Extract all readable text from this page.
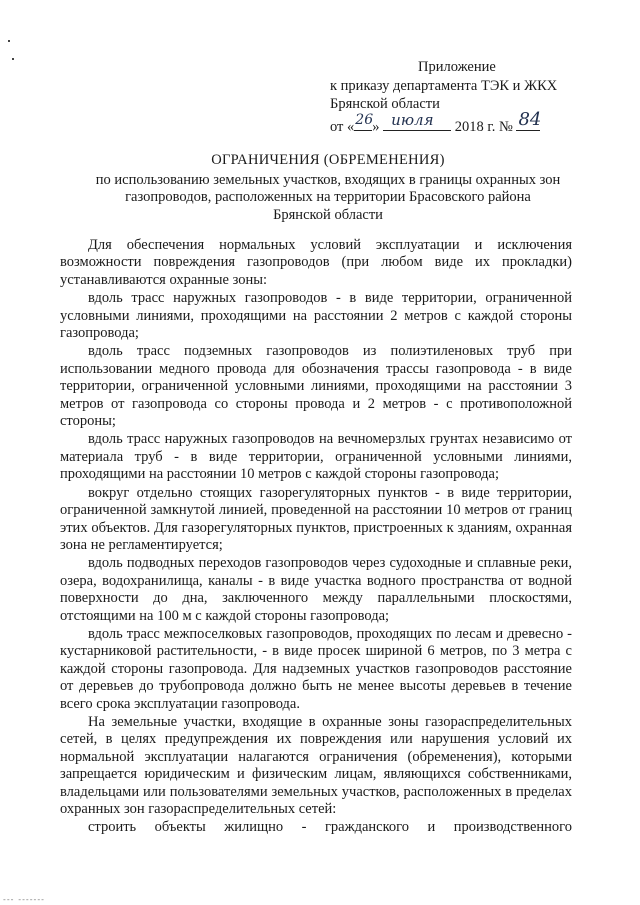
Приложение
к приказу департамента ТЭК и ЖКХ
Брянской области
от « 26 » июля 2018 г. № 84
ОГРАНИЧЕНИЯ (ОБРЕМЕНЕНИЯ)
по использованию земельных участков, входящих в границы охранных зон
газопроводов, расположенных на территории Брасовского района
Брянской области

Для обеспечения нормальных условий эксплуатации и исключения возможности повреждения газопроводов (при любом виде их прокладки) устанавливаются охранные зоны:

вдоль трасс наружных газопроводов - в виде территории, ограниченной условными линиями, проходящими на расстоянии 2 метров с каждой стороны газопровода;

вдоль трасс подземных газопроводов из полиэтиленовых труб при использовании медного провода для обозначения трассы газопровода - в виде территории, ограниченной условными линиями, проходящими на расстоянии 3 метров от газопровода со стороны провода и 2 метров - с противоположной стороны;

вдоль трасс наружных газопроводов на вечномерзлых грунтах независимо от материала труб - в виде территории, ограниченной условными линиями, проходящими на расстоянии 10 метров с каждой стороны газопровода;

вокруг отдельно стоящих газорегуляторных пунктов - в виде территории, ограниченной замкнутой линией, проведенной на расстоянии 10 метров от границ этих объектов. Для газорегуляторных пунктов, пристроенных к зданиям, охранная зона не регламентируется;

вдоль подводных переходов газопроводов через судоходные и сплавные реки, озера, водохранилища, каналы - в виде участка водного пространства от водной поверхности до дна, заключенного между параллельными плоскостями, отстоящими на 100 м с каждой стороны газопровода;

вдоль трасс межпоселковых газопроводов, проходящих по лесам и древесно - кустарниковой растительности, - в виде просек шириной 6 метров, по 3 метра с каждой стороны газопровода. Для надземных участков газопроводов расстояние от деревьев до трубопровода должно быть не менее высоты деревьев в течение всего срока эксплуатации газопровода.

На земельные участки, входящие в охранные зоны газораспределительных сетей, в целях предупреждения их повреждения или нарушения условий их нормальной эксплуатации налагаются ограничения (обременения), которыми запрещается юридическим и физическим лицам, являющихся собственниками, владельцами или пользователями земельных участков, расположенных в пределах охранных зон газораспределительных сетей:

строить объекты жилищно - гражданского и производственного

--- -------
